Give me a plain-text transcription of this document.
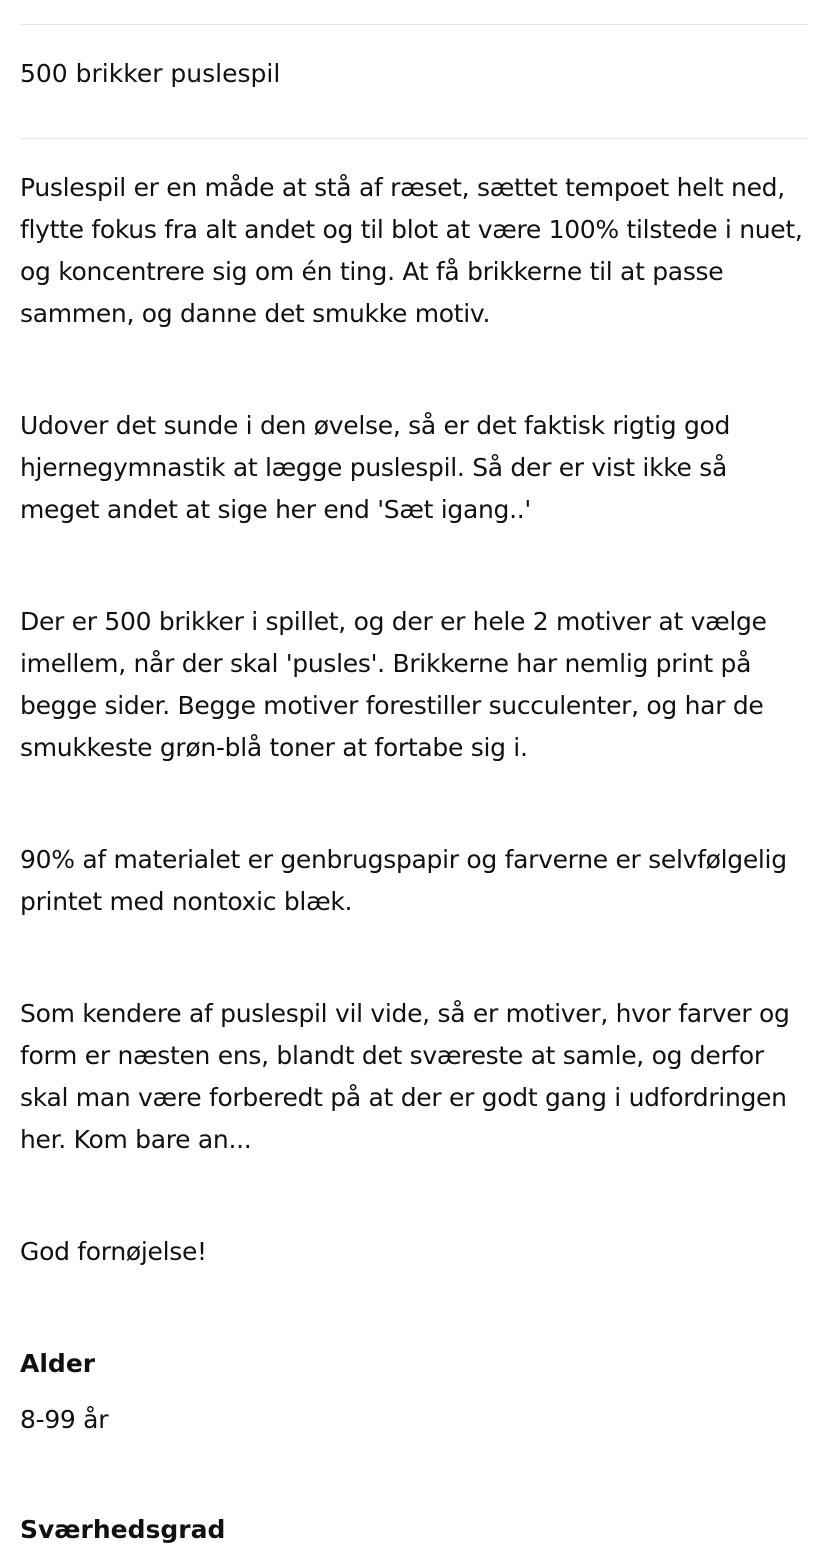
500 brikker puslespil

Puslespil er en måde at stå af ræset, sættet tempoet helt ned, flytte fokus fra alt andet og til blot at være 100% tilstede i nuet, og koncentrere sig om én ting. At få brikkerne til at passe sammen, og danne det smukke motiv.

Udover det sunde i den øvelse, så er det faktisk rigtig god hjernegymnastik at lægge puslespil. Så der er vist ikke så meget andet at sige her end 'Sæt igang..'

Der er 500 brikker i spillet, og der er hele 2 motiver at vælge imellem, når der skal 'pusles'. Brikkerne har nemlig print på begge sider. Begge motiver forestiller succulenter, og har de smukkeste grøn-blå toner at fortabe sig i.

90% af materialet er genbrugspapir og farverne er selvfølgelig printet med nontoxic blæk.

Som kendere af puslespil vil vide, så er motiver, hvor farver og form er næsten ens, blandt det sværeste at samle, og derfor skal man være forberedt på at der er godt gang i udfordringen her. Kom bare an...

God fornøjelse!

Alder

8-99 år

Sværhedsgrad
